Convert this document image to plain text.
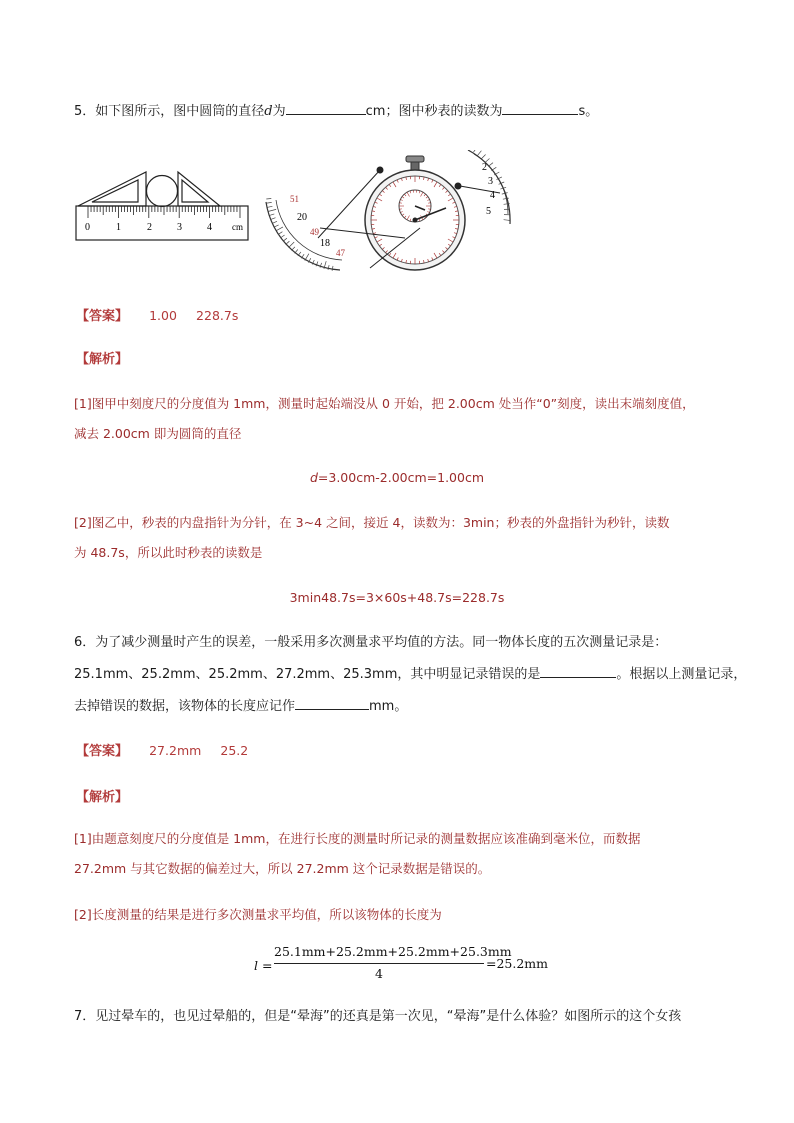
5．如下图所示，图中圆筒的直径d为	cm；图中秒表的读数为	s。
0	1	2	3	4 cm
51
20
49
18
47
2
3
4
5
【答案】 1.00 228.7s
【解析】
[1]图甲中刻度尺的分度值为 1mm，测量时起始端没从 0 开始，把 2.00cm 处当作“0”刻度，读出末端刻度值，
减去 2.00cm 即为圆筒的直径
d=3.00cm-2.00cm=1.00cm
[2]图乙中，秒表的内盘指针为分针，在 3~4 之间，接近 4，读数为：3min；秒表的外盘指针为秒针，读数
为 48.7s，所以此时秒表的读数是
3min48.7s=3×60s+48.7s=228.7s
6．为了减少测量时产生的误差，一般采用多次测量求平均值的方法。同一物体长度的五次测量记录是：
25.1mm、25.2mm、25.2mm、27.2mm、25.3mm，其中明显记录错误的是	。根据以上测量记录，
去掉错误的数据，该物体的长度应记作	mm。
【答案】 27.2mm 25.2
【解析】
[1]由题意刻度尺的分度值是 1mm，在进行长度的测量时所记录的测量数据应该准确到毫米位，而数据
27.2mm 与其它数据的偏差过大，所以 27.2mm 这个记录数据是错误的。
[2]长度测量的结果是进行多次测量求平均值，所以该物体的长度为
l =
25.1mm+25.2mm+25.2mm+25.3mm
4
=25.2mm
7．见过晕车的，也见过晕船的，但是“晕海”的还真是第一次见，“晕海”是什么体验？如图所示的这个女孩
